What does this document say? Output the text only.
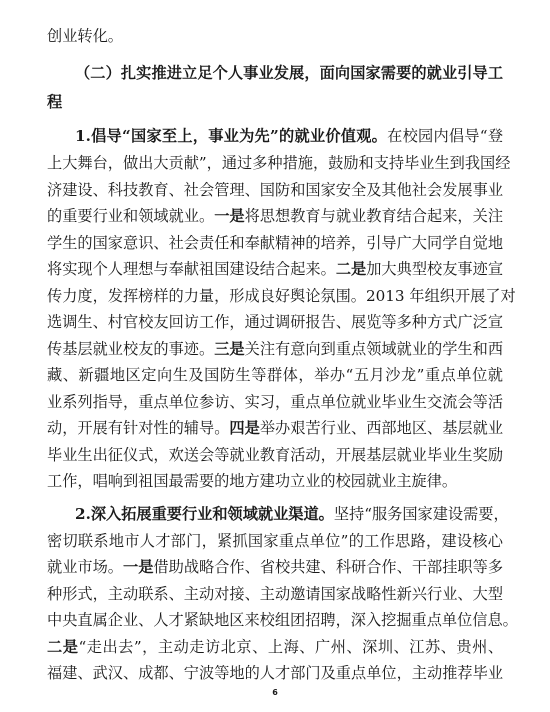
创业转化。
（二）扎实推进立足个人事业发展，面向国家需要的就业引导工
程
1.倡导“国家至上，事业为先”的就业价值观。在校园内倡导“登
上大舞台，做出大贡献”，通过多种措施，鼓励和支持毕业生到我国经
济建设、科技教育、社会管理、国防和国家安全及其他社会发展事业
的重要行业和领域就业。一是将思想教育与就业教育结合起来，关注
学生的国家意识、社会责任和奉献精神的培养，引导广大同学自觉地
将实现个人理想与奉献祖国建设结合起来。二是加大典型校友事迹宣
传力度，发挥榜样的力量，形成良好舆论氛围。2013 年组织开展了对
选调生、村官校友回访工作，通过调研报告、展览等多种方式广泛宣
传基层就业校友的事迹。三是关注有意向到重点领域就业的学生和西
藏、新疆地区定向生及国防生等群体，举办“五月沙龙”重点单位就
业系列指导，重点单位参访、实习，重点单位就业毕业生交流会等活
动，开展有针对性的辅导。四是举办艰苦行业、西部地区、基层就业
毕业生出征仪式，欢送会等就业教育活动，开展基层就业毕业生奖励
工作，唱响到祖国最需要的地方建功立业的校园就业主旋律。
2.深入拓展重要行业和领域就业渠道。坚持“服务国家建设需要，
密切联系地市人才部门，紧抓国家重点单位”的工作思路，建设核心
就业市场。一是借助战略合作、省校共建、科研合作、干部挂职等多
种形式，主动联系、主动对接、主动邀请国家战略性新兴行业、大型
中央直属企业、人才紧缺地区来校组团招聘，深入挖掘重点单位信息。
二是“走出去”，主动走访北京、上海、广州、深圳、江苏、贵州、
福建、武汉、成都、宁波等地的人才部门及重点单位，主动推荐毕业
6
